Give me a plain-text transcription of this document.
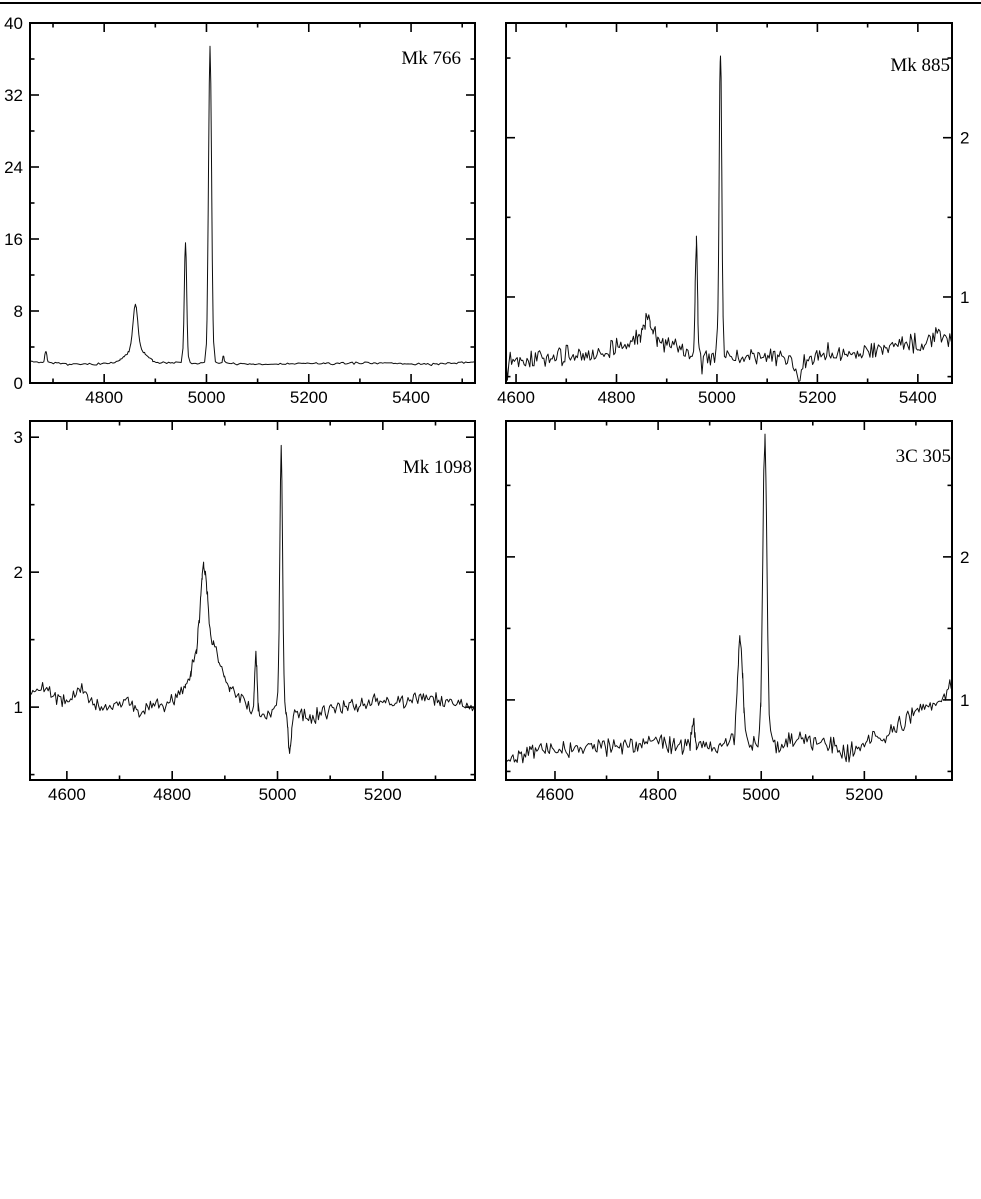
4800	5000	5200	5400
0
8
16
24
32
40
Mk 766
4600	4800	5000	5200	5400
1
2
Mk 885
4600	4800	5000	5200
1
2
3
Mk 1098
4600	4800	5000	5200
1
2
3C 305
